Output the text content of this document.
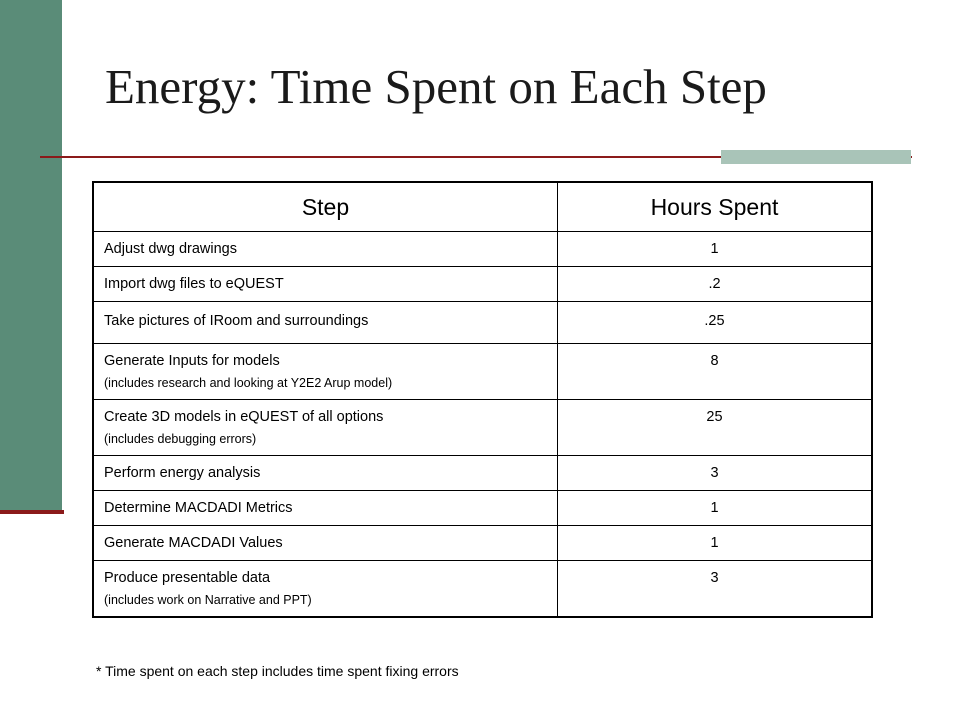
Energy: Time Spent on Each Step
Step	Hours Spent
Adjust dwg drawings	1
Import dwg files to eQUEST	.2
Take pictures of IRoom and surroundings	.25
Generate Inputs for models
(includes research and looking at Y2E2 Arup model)	8
Create 3D models in eQUEST of all options
(includes debugging errors)	25
Perform energy analysis	3
Determine MACDADI Metrics	1
Generate MACDADI Values	1
Produce presentable data
(includes work on Narrative and PPT)	3
* Time spent on each step includes time spent fixing errors
